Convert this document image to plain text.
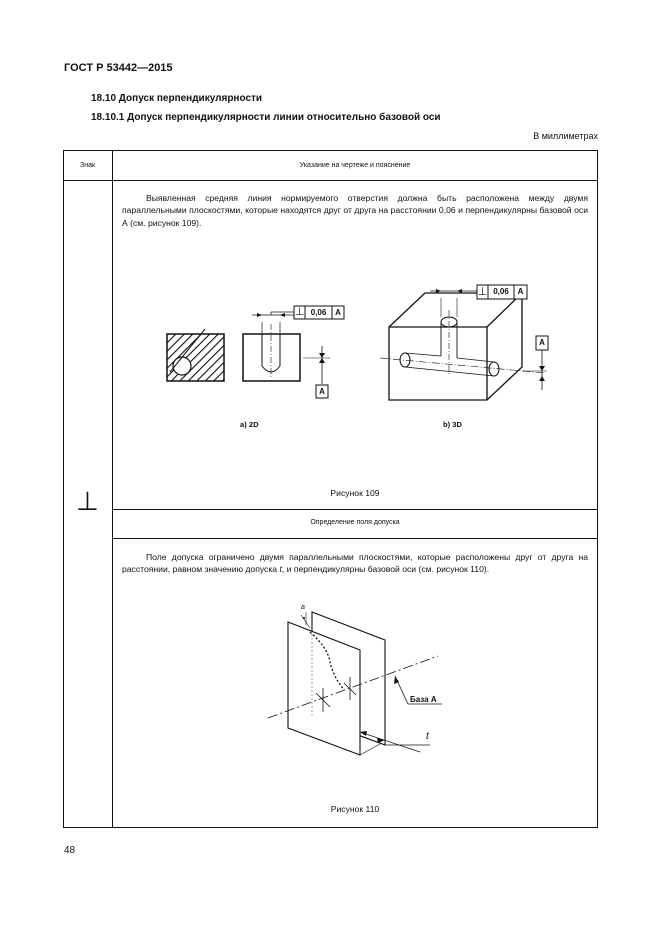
ГОСТ Р 53442—2015
18.10 Допуск перпендикулярности
18.10.1 Допуск перпендикулярности линии относительно базовой оси
В миллиметрах
Знак	Указание на чертеже и пояснение
⊥
Выявленная средняя линия нормируемого отверстия должна быть расположена между двумя параллельными плоскостями, которые находятся друг от друга на расстоянии 0,06 и перпендикулярны базовой оси А (см. рисунок 109).
⊥ 0,06	A
A
⊥ 0,06	A
A
a) 2D	b) 3D
Рисунок 109
Определение поля допуска
Поле допуска ограничено двумя параллельными плоскостями, которые расположены друг от друга на расстоянии, равном значению допуска t, и перпендикулярны базовой оси (см. рисунок 110).
База А
t
a
Рисунок 110
48
